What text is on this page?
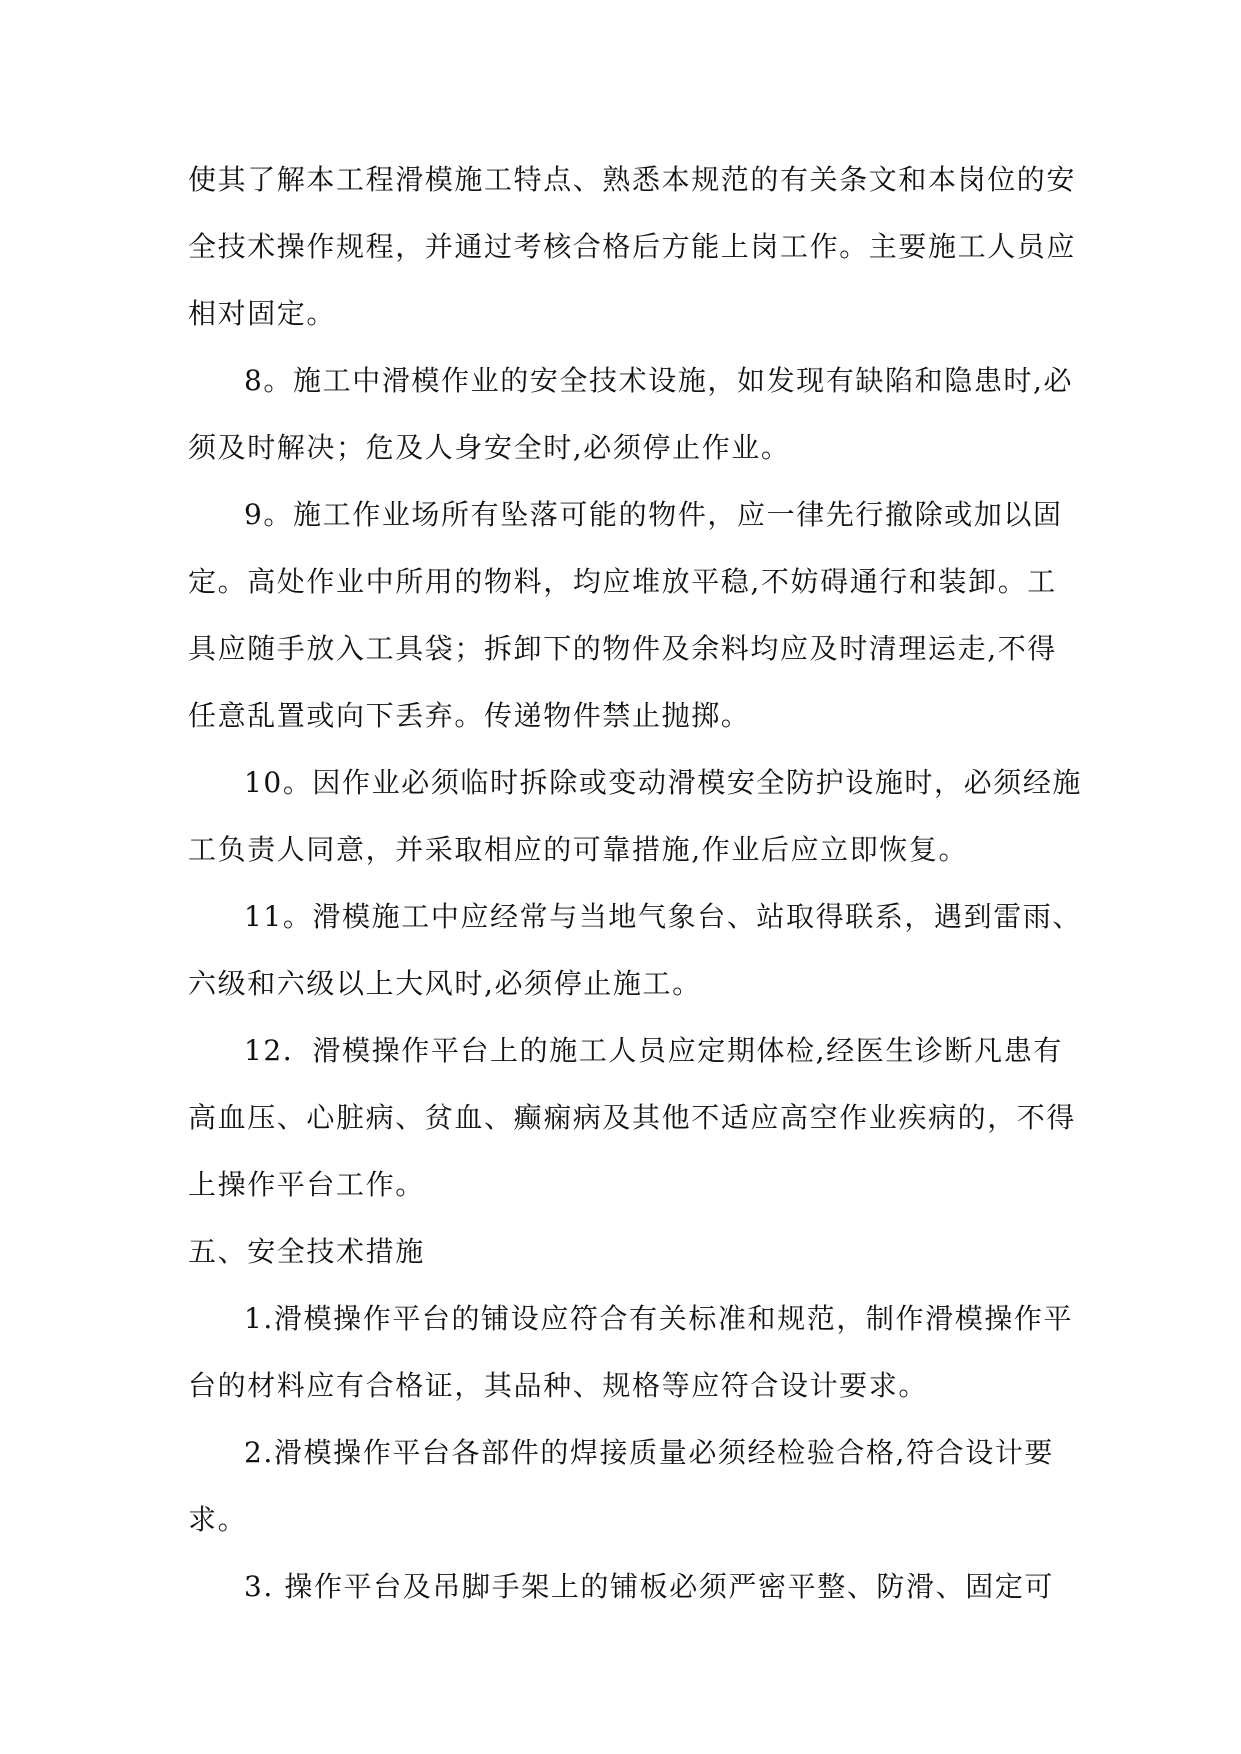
使其了解本工程滑模施工特点、熟悉本规范的有关条文和本岗位的安
全技术操作规程，并通过考核合格后方能上岗工作。主要施工人员应
相对固定。
8。施工中滑模作业的安全技术设施，如发现有缺陷和隐患时,必
须及时解决；危及人身安全时,必须停止作业。
9。施工作业场所有坠落可能的物件，应一律先行撤除或加以固
定。高处作业中所用的物料，均应堆放平稳,不妨碍通行和装卸。工
具应随手放入工具袋；拆卸下的物件及余料均应及时清理运走,不得
任意乱置或向下丢弃。传递物件禁止抛掷。
10。因作业必须临时拆除或变动滑模安全防护设施时，必须经施
工负责人同意，并采取相应的可靠措施,作业后应立即恢复。
11。滑模施工中应经常与当地气象台、站取得联系，遇到雷雨、
六级和六级以上大风时,必须停止施工。
12．滑模操作平台上的施工人员应定期体检,经医生诊断凡患有
高血压、心脏病、贫血、癫痫病及其他不适应高空作业疾病的，不得
上操作平台工作。
五、安全技术措施
1.滑模操作平台的铺设应符合有关标准和规范，制作滑模操作平
台的材料应有合格证，其品种、规格等应符合设计要求。
2.滑模操作平台各部件的焊接质量必须经检验合格,符合设计要
求。
3. 操作平台及吊脚手架上的铺板必须严密平整、防滑、固定可
